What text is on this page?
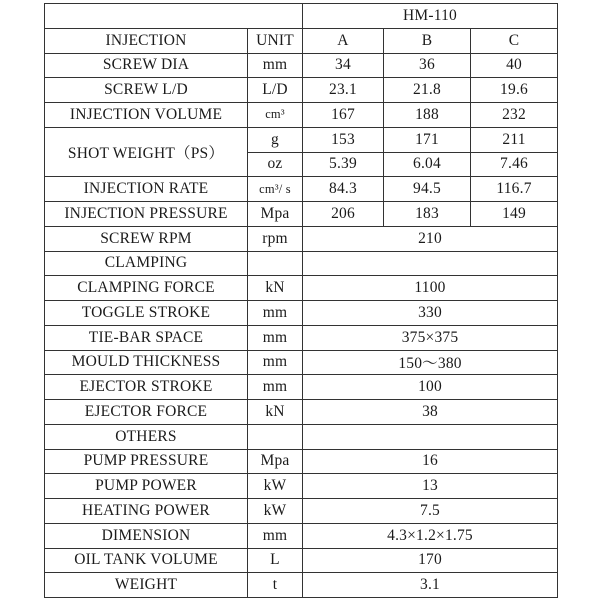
		HM-110		
INJECTION	UNIT	A	B	C
SCREW DIA	mm	34	36	40
SCREW L/D	L/D	23.1	21.8	19.6
INJECTION VOLUME	cm³	167	188	232
SHOT WEIGHT（PS）	g	153	171	211
	oz	5.39	6.04	7.46
INJECTION RATE	cm³/ s	84.3	94.5	116.7
INJECTION PRESSURE	Mpa	206	183	149
SCREW RPM	rpm	210		
CLAMPING				
CLAMPING FORCE	kN	1100		
TOGGLE STROKE	mm	330		
TIE-BAR SPACE	mm	375×375		
MOULD THICKNESS	mm	150～380		
EJECTOR STROKE	mm	100		
EJECTOR FORCE	kN	38		
OTHERS				
PUMP PRESSURE	Mpa	16		
PUMP POWER	kW	13		
HEATING POWER	kW	7.5		
DIMENSION	mm	4.3×1.2×1.75		
OIL TANK VOLUME	L	170		
WEIGHT	t	3.1		
